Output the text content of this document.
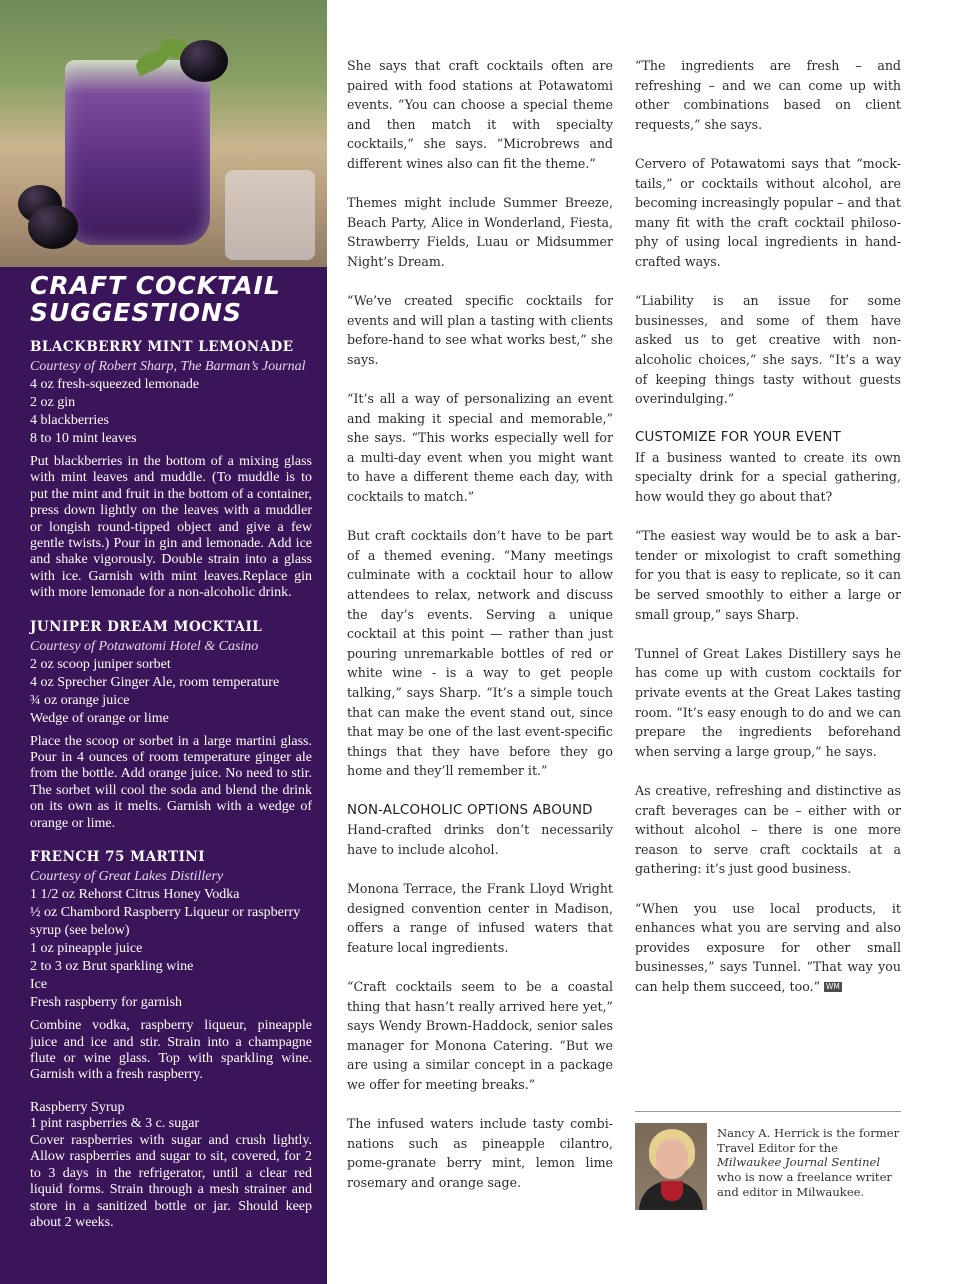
CRAFT COCKTAIL
SUGGESTIONS
BLACKBERRY MINT LEMONADE

Courtesy of Robert Sharp, The Barman’s Journal

4 oz fresh-squeezed lemonade
2 oz gin
4 blackberries
8 to 10 mint leaves

Put blackberries in the bottom of a mixing glass with mint leaves and muddle. (To muddle is to put the mint and fruit in the bottom of a container, press down lightly on the leaves with a muddler or longish round-tipped object and give a few gentle twists.) Pour in gin and lemonade. Add ice and shake vigorously. Double strain into a glass with ice. Garnish with mint leaves.Replace gin with more lemonade for a non-alcoholic drink.

JUNIPER DREAM MOCKTAIL

Courtesy of Potawatomi Hotel & Casino

2 oz scoop juniper sorbet
4 oz Sprecher Ginger Ale, room temperature
¾ oz orange juice
Wedge of orange or lime

Place the scoop or sorbet in a large martini glass. Pour in 4 ounces of room temperature ginger ale from the bottle. Add orange juice. No need to stir. The sorbet will cool the soda and blend the drink on its own as it melts. Garnish with a wedge of orange or lime.

FRENCH 75 MARTINI

Courtesy of Great Lakes Distillery

1 1/2 oz Rehorst Citrus Honey Vodka
½ oz Chambord Raspberry Liqueur or raspberry syrup (see below)
1 oz pineapple juice
2 to 3 oz Brut sparkling wine
Ice
Fresh raspberry for garnish

Combine vodka, raspberry liqueur, pineapple juice and ice and stir. Strain into a champagne flute or wine glass. Top with sparkling wine. Garnish with a fresh raspberry.

Raspberry Syrup

1 pint raspberries & 3 c. sugar

Cover raspberries with sugar and crush lightly. Allow raspberries and sugar to sit, covered, for 2 to 3 days in the refrigerator, until a clear red liquid forms. Strain through a mesh strainer and store in a sanitized bottle or jar. Should keep about 2 weeks.

She says that craft cocktails often are paired with food stations at Potawatomi events. “You can choose a special theme and then match it with specialty cocktails,” she says. “Microbrews and different wines also can fit the theme.”

Themes might include Summer Breeze, Beach Party, Alice in Wonderland, Fiesta, Strawberry Fields, Luau or Midsummer Night’s Dream.

“We’ve created specific cocktails for events and will plan a tasting with clients before-hand to see what works best,” she says.

“It’s all a way of personalizing an event and making it special and memorable,” she says. “This works especially well for a multi-day event when you might want to have a different theme each day, with cocktails to match.”

But craft cocktails don’t have to be part of a themed evening. “Many meetings culminate with a cocktail hour to allow attendees to relax, network and discuss the day’s events. Serving a unique cocktail at this point — rather than just pouring unremarkable bottles of red or white wine - is a way to get people talking,” says Sharp. “It’s a simple touch that can make the event stand out, since that may be one of the last event-specific things that they have before they go home and they’ll remember it.”

NON-ALCOHOLIC OPTIONS ABOUND

Hand-crafted drinks don’t necessarily have to include alcohol.

Monona Terrace, the Frank Lloyd Wright designed convention center in Madison, offers a range of infused waters that feature local ingredients.

“Craft cocktails seem to be a coastal thing that hasn’t really arrived here yet,” says Wendy Brown-Haddock, senior sales manager for Monona Catering. “But we are using a similar concept in a package we offer for meeting breaks.”

The infused waters include tasty combi-nations such as pineapple cilantro, pome-granate berry mint, lemon lime rosemary and orange sage.

“The ingredients are fresh – and refreshing – and we can come up with other combinations based on client requests,” she says.

Cervero of Potawatomi says that “mock-tails,” or cocktails without alcohol, are becoming increasingly popular – and that many fit with the craft cocktail philoso-phy of using local ingredients in hand-crafted ways.

“Liability is an issue for some businesses, and some of them have asked us to get creative with non-alcoholic choices,” she says. “It’s a way of keeping things tasty without guests overindulging.”

CUSTOMIZE FOR YOUR EVENT

If a business wanted to create its own specialty drink for a special gathering, how would they go about that?

“The easiest way would be to ask a bar-tender or mixologist to craft something for you that is easy to replicate, so it can be served smoothly to either a large or small group,” says Sharp.

Tunnel of Great Lakes Distillery says he has come up with custom cocktails for private events at the Great Lakes tasting room. “It’s easy enough to do and we can prepare the ingredients beforehand when serving a large group,” he says.

As creative, refreshing and distinctive as craft beverages can be – either with or without alcohol – there is one more reason to serve craft cocktails at a gathering: it’s just good business.

“When you use local products, it enhances what you are serving and also provides exposure for other small businesses,” says Tunnel. “That way you can help them succeed, too.” WM

Nancy A. Herrick is the former Travel Editor for the Milwaukee Journal Sentinel who is now a freelance writer and editor in Milwaukee.
